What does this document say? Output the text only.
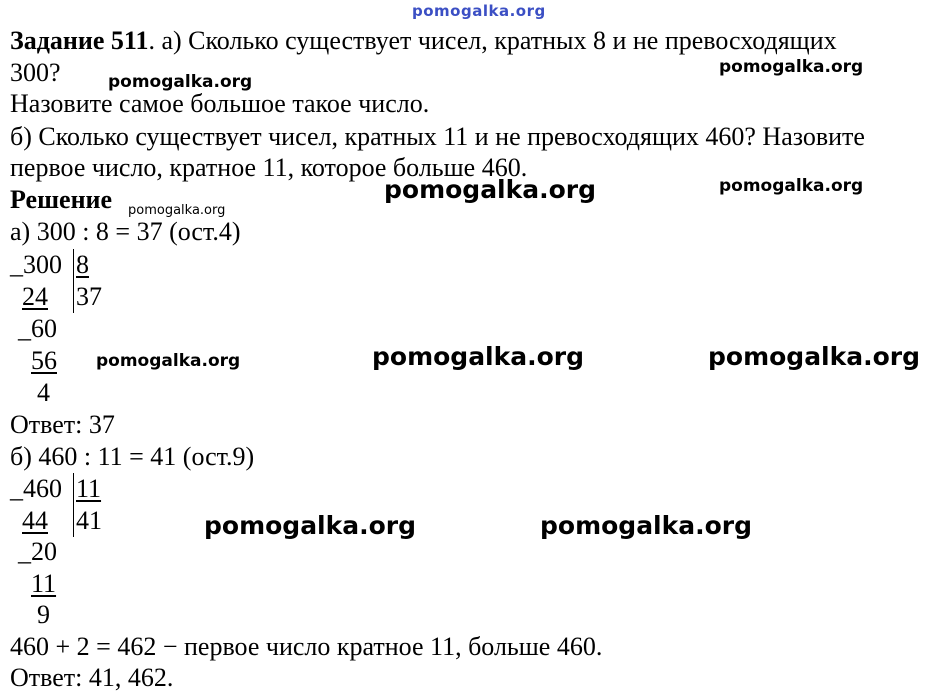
pomogalka.org
Задание 511. а) Сколько существует чисел, кратных 8 и не превосходящих
300?
Назовите самое большое такое число.
б) Сколько существует чисел, кратных 11 и не превосходящих 460? Назовите
первое число, кратное 11, которое больше 460.
Решение
а) 300 : 8 = 37 (ост.4)
_300 8
24 37
_60
56
4
Ответ: 37
б) 460 : 11 = 41 (ост.9)
_460 11
44 41
_20
11
9
460 + 2 = 462 − первое число кратное 11, больше 460.
Ответ: 41, 462.
pomogalka.org
pomogalka.org
pomogalka.org	pomogalka.org
pomogalka.org
pomogalka.org	pomogalka.org	pomogalka.org
pomogalka.org	pomogalka.org
